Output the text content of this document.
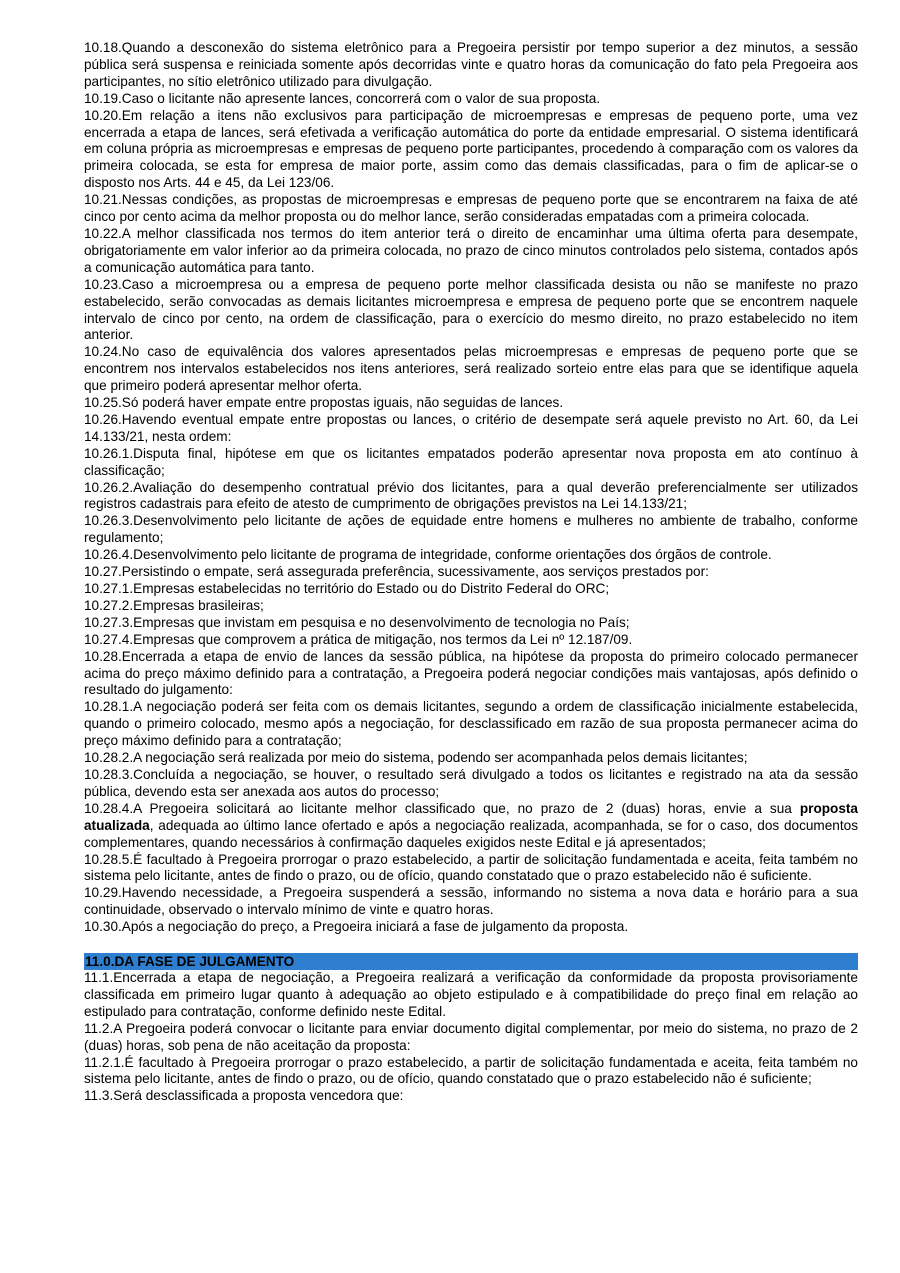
10.18.Quando a desconexão do sistema eletrônico para a Pregoeira persistir por tempo superior a dez minutos, a sessão pública será suspensa e reiniciada somente após decorridas vinte e quatro horas da comunicação do fato pela Pregoeira aos participantes, no sítio eletrônico utilizado para divulgação.

10.19.Caso o licitante não apresente lances, concorrerá com o valor de sua proposta.

10.20.Em relação a itens não exclusivos para participação de microempresas e empresas de pequeno porte, uma vez encerrada a etapa de lances, será efetivada a verificação automática do porte da entidade empresarial. O sistema identificará em coluna própria as microempresas e empresas de pequeno porte participantes, procedendo à comparação com os valores da primeira colocada, se esta for empresa de maior porte, assim como das demais classificadas, para o fim de aplicar-se o disposto nos Arts. 44 e 45, da Lei 123/06.

10.21.Nessas condições, as propostas de microempresas e empresas de pequeno porte que se encontrarem na faixa de até cinco por cento acima da melhor proposta ou do melhor lance, serão consideradas empatadas com a primeira colocada.

10.22.A melhor classificada nos termos do item anterior terá o direito de encaminhar uma última oferta para desempate, obrigatoriamente em valor inferior ao da primeira colocada, no prazo de cinco minutos controlados pelo sistema, contados após a comunicação automática para tanto.

10.23.Caso a microempresa ou a empresa de pequeno porte melhor classificada desista ou não se manifeste no prazo estabelecido, serão convocadas as demais licitantes microempresa e empresa de pequeno porte que se encontrem naquele intervalo de cinco por cento, na ordem de classificação, para o exercício do mesmo direito, no prazo estabelecido no item anterior.

10.24.No caso de equivalência dos valores apresentados pelas microempresas e empresas de pequeno porte que se encontrem nos intervalos estabelecidos nos itens anteriores, será realizado sorteio entre elas para que se identifique aquela que primeiro poderá apresentar melhor oferta.

10.25.Só poderá haver empate entre propostas iguais, não seguidas de lances.

10.26.Havendo eventual empate entre propostas ou lances, o critério de desempate será aquele previsto no Art. 60, da Lei 14.133/21, nesta ordem:

10.26.1.Disputa final, hipótese em que os licitantes empatados poderão apresentar nova proposta em ato contínuo à classificação;

10.26.2.Avaliação do desempenho contratual prévio dos licitantes, para a qual deverão preferencialmente ser utilizados registros cadastrais para efeito de atesto de cumprimento de obrigações previstos na Lei 14.133/21;

10.26.3.Desenvolvimento pelo licitante de ações de equidade entre homens e mulheres no ambiente de trabalho, conforme regulamento;

10.26.4.Desenvolvimento pelo licitante de programa de integridade, conforme orientações dos órgãos de controle.

10.27.Persistindo o empate, será assegurada preferência, sucessivamente, aos serviços prestados por:

10.27.1.Empresas estabelecidas no território do Estado ou do Distrito Federal do ORC;

10.27.2.Empresas brasileiras;

10.27.3.Empresas que invistam em pesquisa e no desenvolvimento de tecnologia no País;

10.27.4.Empresas que comprovem a prática de mitigação, nos termos da Lei nº 12.187/09.

10.28.Encerrada a etapa de envio de lances da sessão pública, na hipótese da proposta do primeiro colocado permanecer acima do preço máximo definido para a contratação, a Pregoeira poderá negociar condições mais vantajosas, após definido o resultado do julgamento:

10.28.1.A negociação poderá ser feita com os demais licitantes, segundo a ordem de classificação inicialmente estabelecida, quando o primeiro colocado, mesmo após a negociação, for desclassificado em razão de sua proposta permanecer acima do preço máximo definido para a contratação;

10.28.2.A negociação será realizada por meio do sistema, podendo ser acompanhada pelos demais licitantes;

10.28.3.Concluída a negociação, se houver, o resultado será divulgado a todos os licitantes e registrado na ata da sessão pública, devendo esta ser anexada aos autos do processo;

10.28.4.A Pregoeira solicitará ao licitante melhor classificado que, no prazo de 2 (duas) horas, envie a sua proposta atualizada, adequada ao último lance ofertado e após a negociação realizada, acompanhada, se for o caso, dos documentos complementares, quando necessários à confirmação daqueles exigidos neste Edital e já apresentados;

10.28.5.É facultado à Pregoeira prorrogar o prazo estabelecido, a partir de solicitação fundamentada e aceita, feita também no sistema pelo licitante, antes de findo o prazo, ou de ofício, quando constatado que o prazo estabelecido não é suficiente.

10.29.Havendo necessidade, a Pregoeira suspenderá a sessão, informando no sistema a nova data e horário para a sua continuidade, observado o intervalo mínimo de vinte e quatro horas.

10.30.Após a negociação do preço, a Pregoeira iniciará a fase de julgamento da proposta.

11.0.DA FASE DE JULGAMENTO

11.1.Encerrada a etapa de negociação, a Pregoeira realizará a verificação da conformidade da proposta provisoriamente classificada em primeiro lugar quanto à adequação ao objeto estipulado e à compatibilidade do preço final em relação ao estipulado para contratação, conforme definido neste Edital.

11.2.A Pregoeira poderá convocar o licitante para enviar documento digital complementar, por meio do sistema, no prazo de 2 (duas) horas, sob pena de não aceitação da proposta:

11.2.1.É facultado à Pregoeira prorrogar o prazo estabelecido, a partir de solicitação fundamentada e aceita, feita também no sistema pelo licitante, antes de findo o prazo, ou de ofício, quando constatado que o prazo estabelecido não é suficiente;

11.3.Será desclassificada a proposta vencedora que:
